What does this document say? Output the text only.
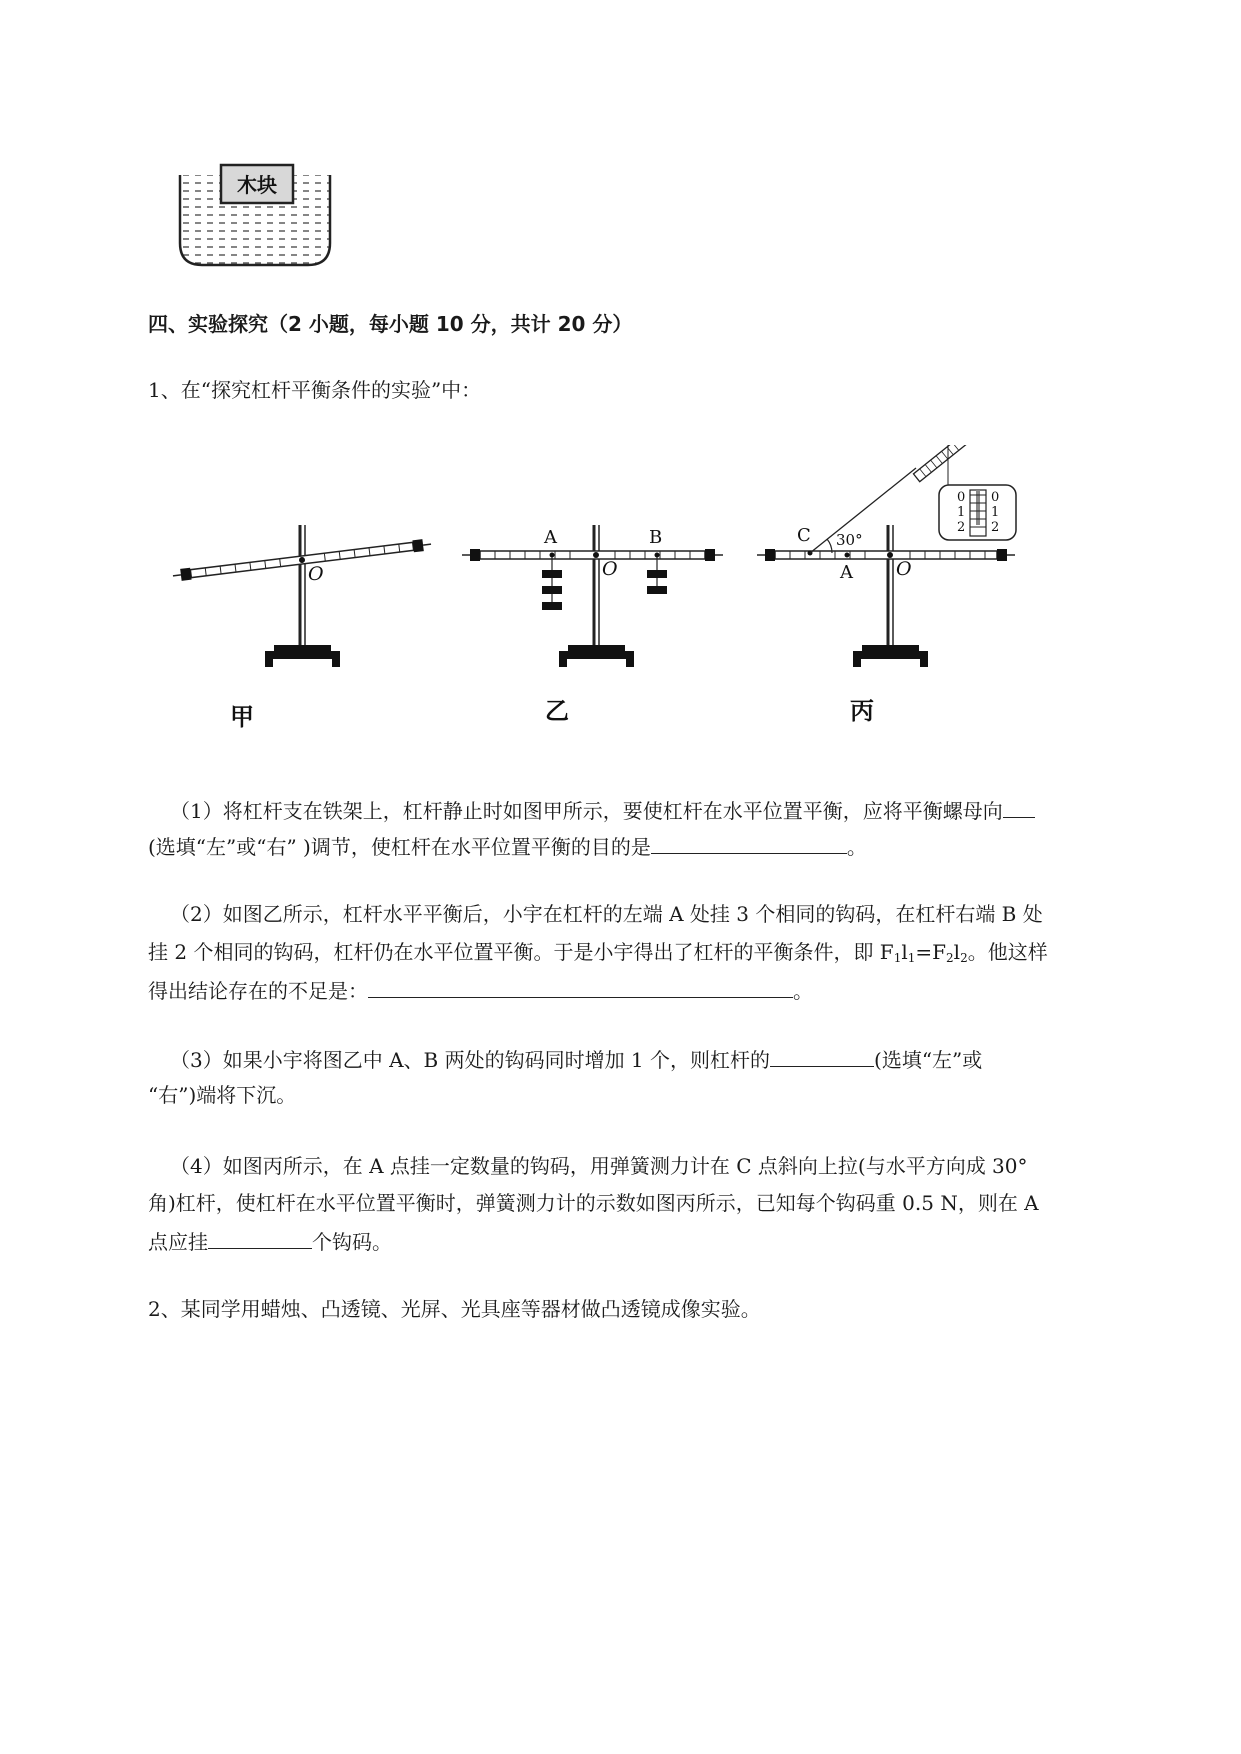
木块
四、实验探究（2 小题，每小题 10 分，共计 20 分）
1、在“探究杠杆平衡条件的实验”中：
O
甲
A	B
O
乙
0
1
2
0
1
2
C 30°
A O
丙
（1）将杠杆支在铁架上，杠杆静止时如图甲所示，要使杠杆在水平位置平衡，应将平衡螺母向
(选填“左”或“右” )调节，使杠杆在水平位置平衡的目的是	。
（2）如图乙所示，杠杆水平平衡后，小宇在杠杆的左端 A 处挂 3 个相同的钩码，在杠杆右端 B 处
挂 2 个相同的钩码，杠杆仍在水平位置平衡。于是小宇得出了杠杆的平衡条件，即 $F_1l_1=F_2l_2$。他这样
得出结论存在的不足是：	。
（3）如果小宇将图乙中 A、B 两处的钩码同时增加 1 个，则杠杆的	(选填“左”或
“右”)端将下沉。
（4）如图丙所示，在 A 点挂一定数量的钩码，用弹簧测力计在 C 点斜向上拉(与水平方向成 30°
角)杠杆，使杠杆在水平位置平衡时，弹簧测力计的示数如图丙所示，已知每个钩码重 0.5 N，则在 A
点应挂	个钩码。
2、某同学用蜡烛、凸透镜、光屏、光具座等器材做凸透镜成像实验。
